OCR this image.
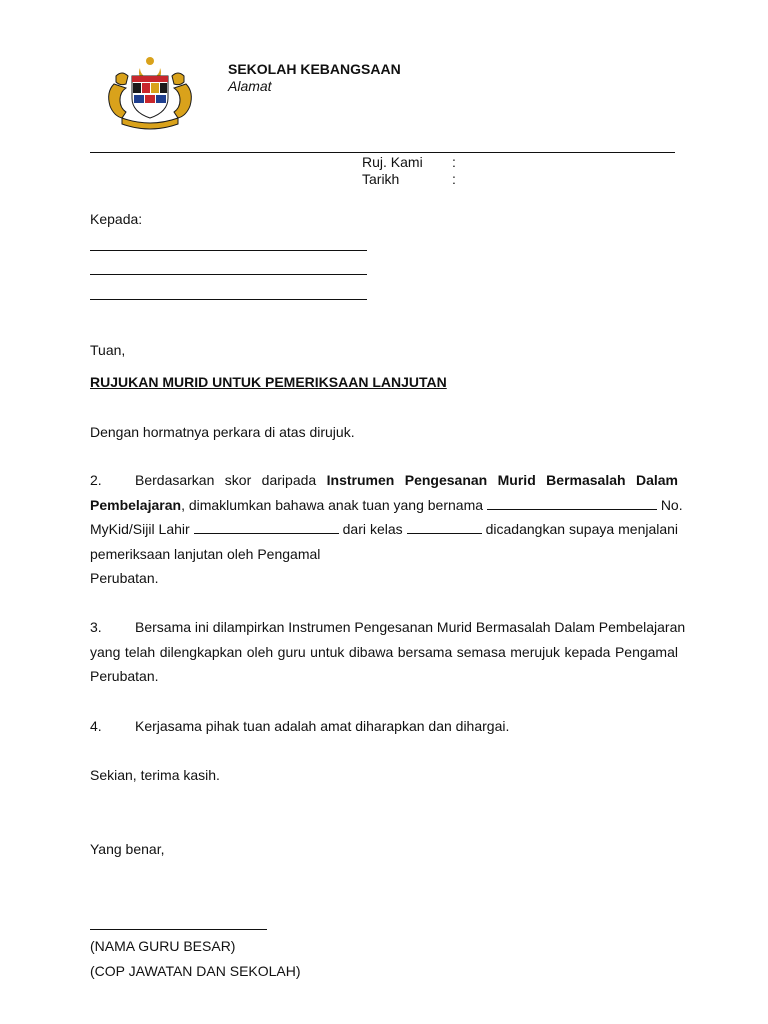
SEKOLAH KEBANGSAAN
Alamat
Ruj. Kami :
Tarikh	:
Kepada:
Tuan,
RUJUKAN MURID UNTUK PEMERIKSAAN LANJUTAN
Dengan hormatnya perkara di atas dirujuk.
2. Berdasarkan skor daripada Instrumen Pengesanan Murid Bermasalah Dalam
Pembelajaran, dimaklumkan bahawa anak tuan yang bernama	No.
MyKid/Sijil Lahir	dari kelas	dicadangkan supaya menjalani
pemeriksaan lanjutan oleh Pengamal
Perubatan.
3. Bersama ini dilampirkan Instrumen Pengesanan Murid Bermasalah Dalam Pembelajaran
yang telah dilengkapkan oleh guru untuk dibawa bersama semasa merujuk kepada Pengamal
Perubatan.
4. Kerjasama pihak tuan adalah amat diharapkan dan dihargai.
Sekian, terima kasih.
Yang benar,
(NAMA GURU BESAR)
(COP JAWATAN DAN SEKOLAH)
